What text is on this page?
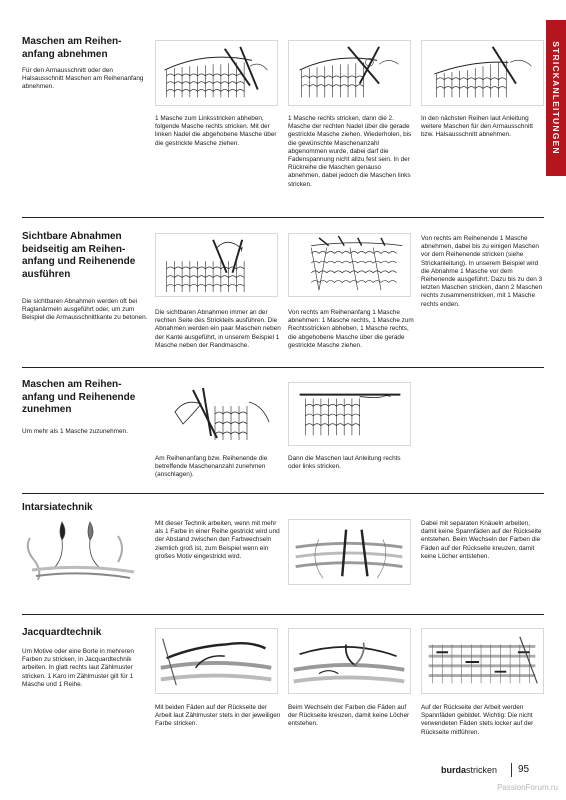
STRICKANLEITUNGEN
Maschen am Reihen-
anfang abnehmen

Für den Armausschnitt oder den Halsausschnitt Maschen am Reihenanfang abnehmen.

1 Masche zum Linksstricken abheben, folgende Masche rechts stricken. Mit der linken Nadel die abgehobene Masche über die gestrickte Masche ziehen.

1 Masche rechts stricken, dann die 2. Masche der rechten Nadel über die gerade gestrickte Masche ziehen. Wiederholen, bis die gewünschte Maschenanzahl abgenommen wurde, dabei darf die Fadenspannung nicht allzu fest sein. In der Rückreihe die Maschen genauso abnehmen, dabei jedoch die Maschen links stricken.

In den nächsten Reihen laut Anleitung weitere Maschen für den Armausschnitt bzw. Halsausschnitt abnehmen.

Sichtbare Abnahmen beidseitig am Reihen-anfang und Reihenende ausführen

Die sichtbaren Abnahmen werden oft bei Raglanärmeln ausgeführt oder, um zum Beispiel die Armausschnittkante zu betonen.

Die sichtbaren Abnahmen immer an der rechten Seite des Strickteils ausführen. Die Abnahmen werden ein paar Maschen neben der Kante ausgeführt, in unserem Beispiel 1 Masche neben der Randmasche.

Von rechts am Reihenanfang 1 Masche abnehmen: 1 Masche rechts, 1 Masche zum Rechtsstricken abheben, 1 Masche rechts, die abgehobene Masche über die gerade gestrickte Masche ziehen.

Von rechts am Reihenende 1 Masche abnehmen, dabei bis zu einigen Maschen vor dem Reihenende stricken (siehe Strickanleitung). In unserem Beispiel wird die Abnahme 1 Masche vor dem Reihenende ausgeführt. Dazu bis zu den 3 letzten Maschen stricken, dann 2 Maschen rechts zusammenstricken, mit 1 Masche rechts enden.

Maschen am Reihen-anfang und Reihenende zunehmen

Um mehr als 1 Masche zuzunehmen.

Am Reihenanfang bzw. Reihenende die betreffende Maschenanzahl zunehmen (anschlagen).

Dann die Maschen laut Anleitung rechts oder links stricken.

Intarsiatechnik

Mit dieser Technik arbeiten, wenn mit mehr als 1 Farbe in einer Reihe gestrickt wird und der Abstand zwischen den Farbwechseln ziemlich groß ist, zum Beispiel wenn ein großes Motiv eingestrickt wird.

Dabei mit separaten Knäueln arbeiten, damit keine Spannfäden auf der Rückseite entstehen. Beim Wechseln der Farben die Fäden auf der Rückseite kreuzen, damit keine Löcher entstehen.

Jacquardtechnik

Um Motive oder eine Borte in mehreren Farben zu stricken, in Jacquardtechnik arbeiten. In glatt rechts laut Zählmuster stricken. 1 Karo im Zählmuster gilt für 1 Masche und 1 Reihe.

Mit beiden Fäden auf der Rückseite der Arbeit laut Zählmuster stets in der jeweiligen Farbe stricken.

Beim Wechseln der Farben die Fäden auf der Rückseite kreuzen, damit keine Löcher entstehen.

Auf der Rückseite der Arbeit werden Spannfäden gebildet. Wichtig: Die nicht verwendeten Fäden stets locker auf der Rückseite mitführen.

burdastricken 95
PassionForum.ru
